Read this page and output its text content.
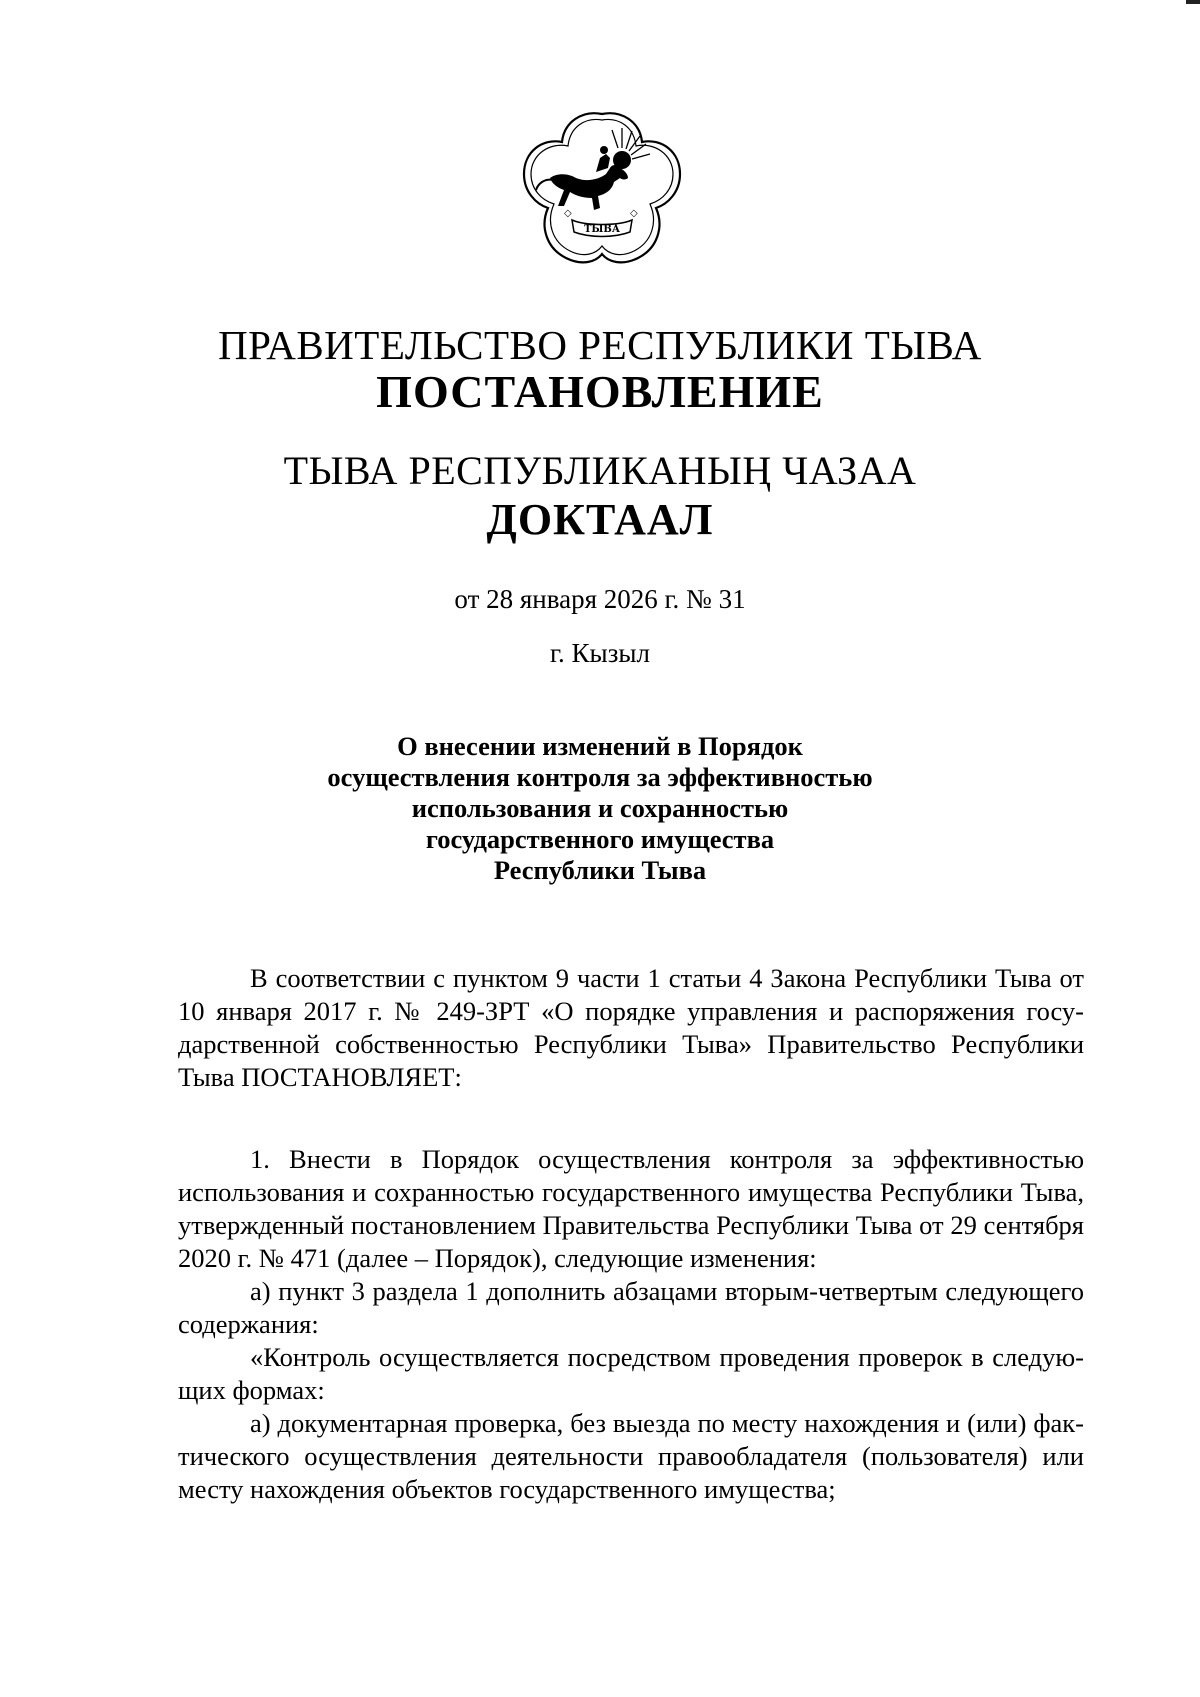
◇	◇
ТЫВА
ПРАВИТЕЛЬСТВО РЕСПУБЛИКИ ТЫВА
ПОСТАНОВЛЕНИЕ
ТЫВА РЕСПУБЛИКАНЫҢ ЧАЗАА
ДОКТААЛ
от 28 января 2026 г. № 31
г. Кызыл
О внесении изменений в Порядок
осуществления контроля за эффективностью
использования и сохранностью
государственного имущества
Республики Тыва

В соответствии с пунктом 9 части 1 статьи 4 Закона Республики Тыва от 10 января 2017 г. № 249-ЗРТ «О порядке управления и распоряжения государственной собственностью Республики Тыва» Правительство Республики Тыва ПОСТАНОВЛЯЕТ:

1. Внести в Порядок осуществления контроля за эффективностью использования и сохранностью государственного имущества Республики Тыва, утвержденный постановлением Правительства Республики Тыва от 29 сентября 2020 г. № 471 (далее – Порядок), следующие изменения:

а) пункт 3 раздела 1 дополнить абзацами вторым-четвертым следующего содержания:

«Контроль осуществляется посредством проведения проверок в следующих формах:

а) документарная проверка, без выезда по месту нахождения и (или) фактического осуществления деятельности правообладателя (пользователя) или месту нахождения объектов государственного имущества;
